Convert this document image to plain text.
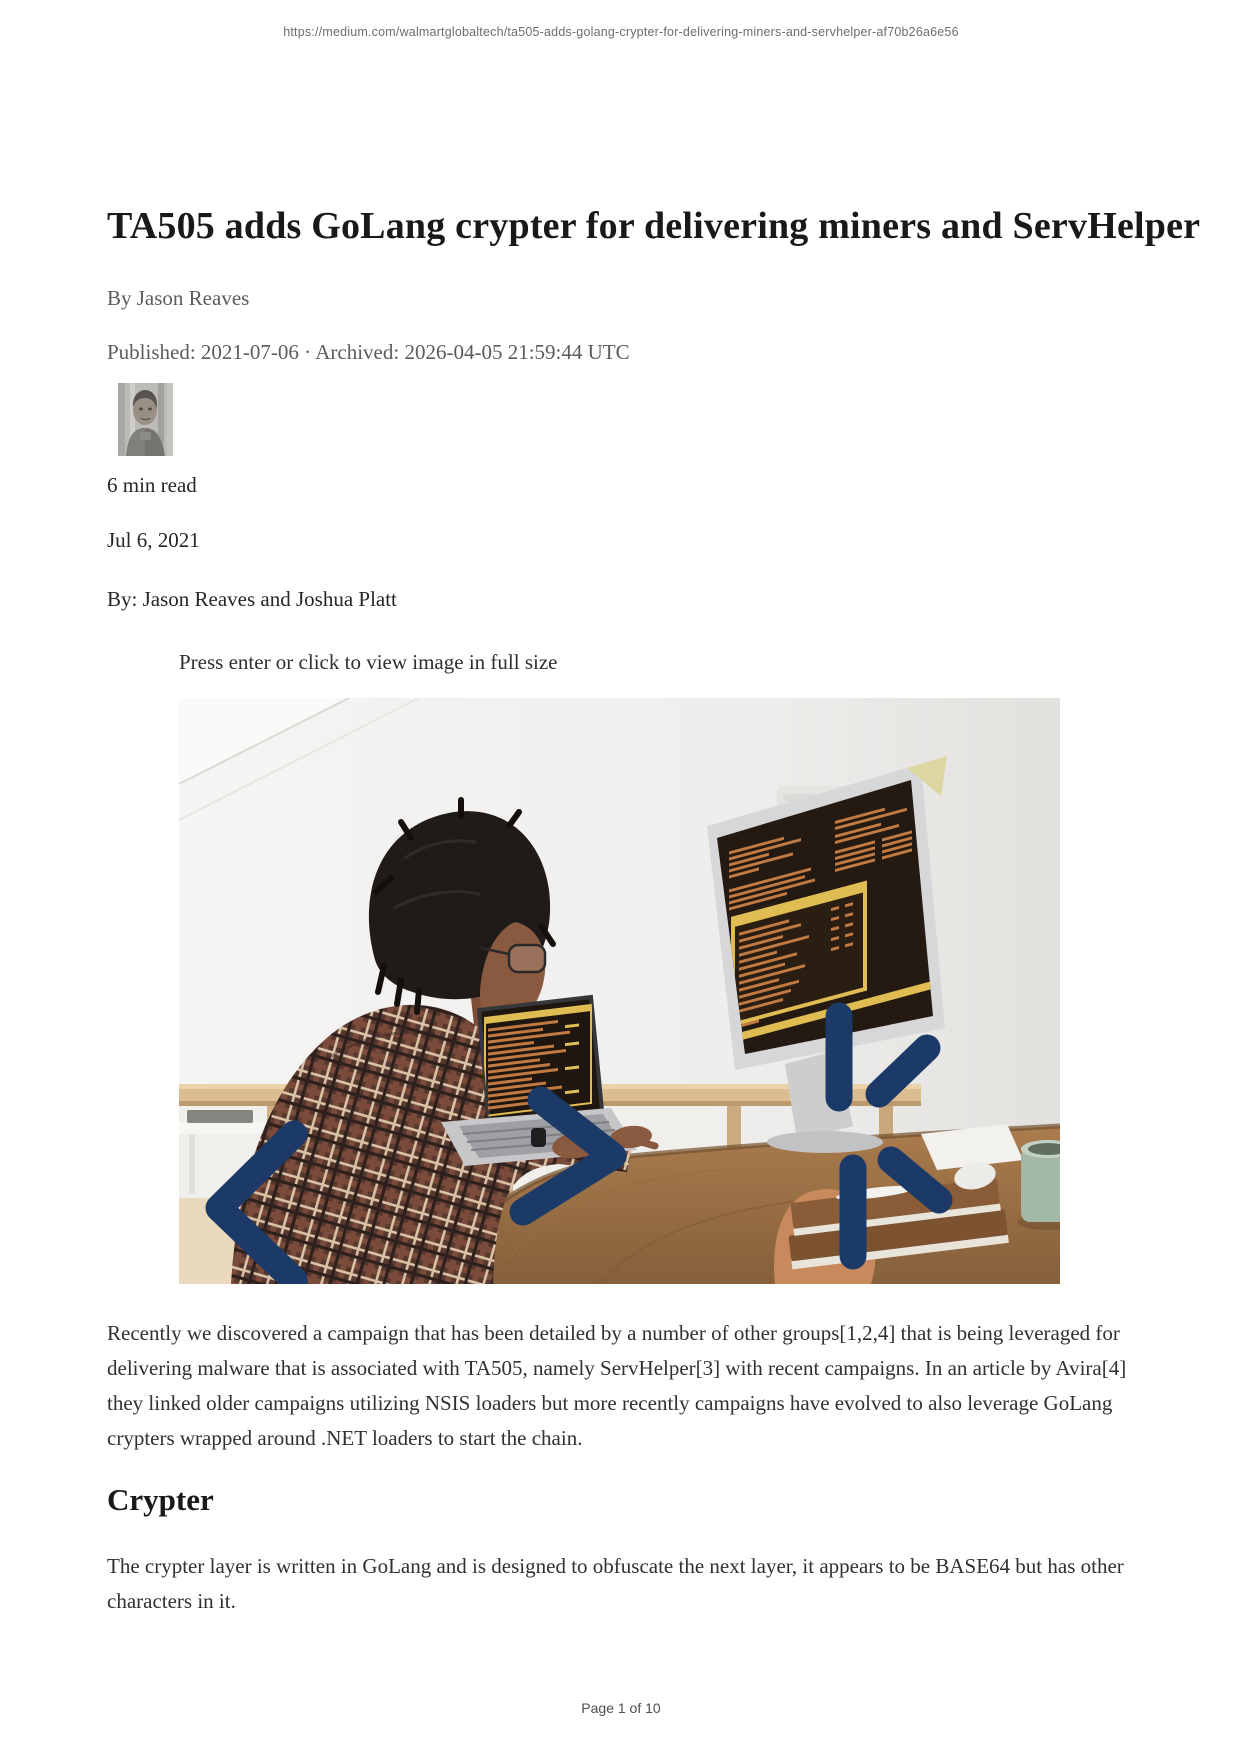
https://medium.com/walmartglobaltech/ta505-adds-golang-crypter-for-delivering-miners-and-servhelper-af70b26a6e56
TA505 adds GoLang crypter for delivering miners and ServHelper
By Jason Reaves
Published: 2021-07-06 · Archived: 2026-04-05 21:59:44 UTC
6 min read
Jul 6, 2021
By: Jason Reaves and Joshua Platt
Press enter or click to view image in full size

Recently we discovered a campaign that has been detailed by a number of other groups[1,2,4] that is being leveraged for delivering malware that is associated with TA505, namely ServHelper[3] with recent campaigns. In an article by Avira[4] they linked older campaigns utilizing NSIS loaders but more recently campaigns have evolved to also leverage GoLang crypters wrapped around .NET loaders to start the chain.

Crypter

The crypter layer is written in GoLang and is designed to obfuscate the next layer, it appears to be BASE64 but has other characters in it.

Page 1 of 10
